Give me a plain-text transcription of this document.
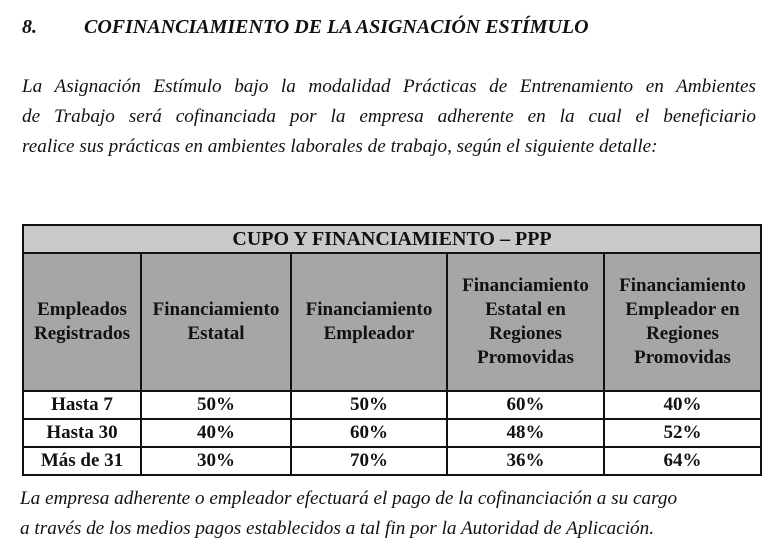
8. COFINANCIAMIENTO DE LA ASIGNACIÓN ESTÍMULO
La Asignación Estímulo bajo la modalidad Prácticas de Entrenamiento en Ambientes
de Trabajo será cofinanciada por la empresa adherente en la cual el beneficiario
realice sus prácticas en ambientes laborales de trabajo, según el siguiente detalle:
CUPO Y FINANCIAMIENTO – PPP				
Empleados Registrados	Financiamiento Estatal	Financiamiento Empleador	Financiamiento Estatal en Regiones Promovidas	Financiamiento Empleador en Regiones Promovidas
Hasta 7	50%	50%	60%	40%
Hasta 30	40%	60%	48%	52%
Más de 31	30%	70%	36%	64%
La empresa adherente o empleador efectuará el pago de la cofinanciación a su cargo
a través de los medios pagos establecidos a tal fin por la Autoridad de Aplicación.
